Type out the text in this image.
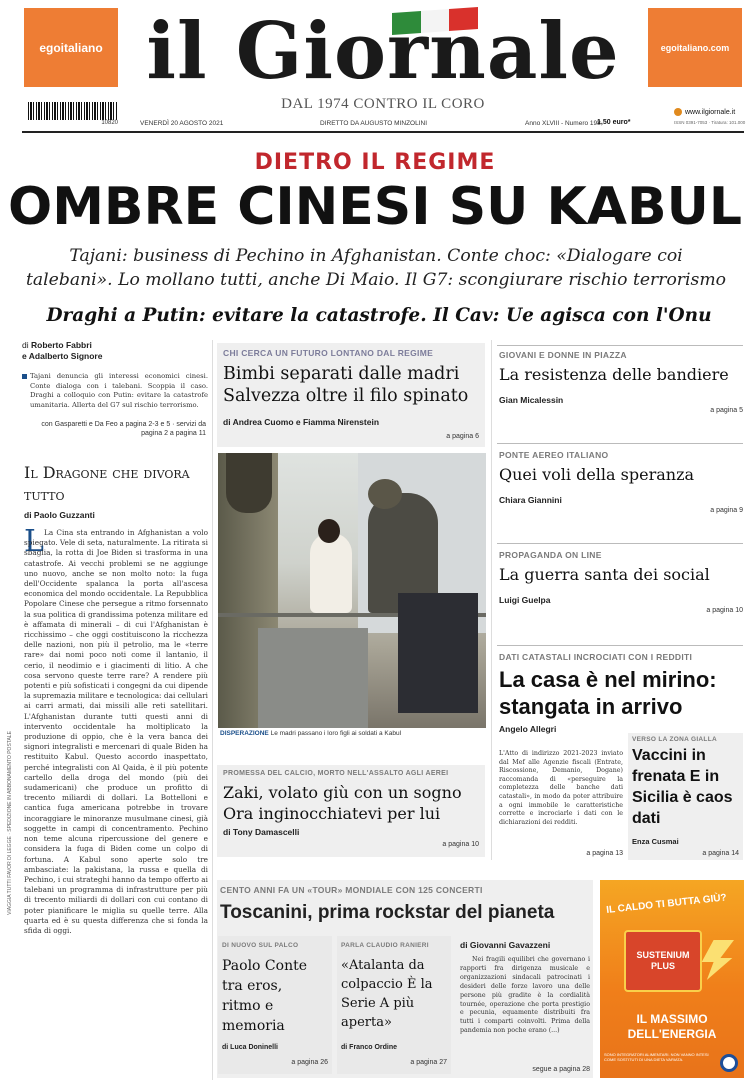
egoitaliano	egoitaliano.com
il Giornale
DAL 1974 CONTRO IL CORO
10820	VENERDÌ 20 AGOSTO 2021	DIRETTO DA AUGUSTO MINZOLINI	Anno XLVIII - Numero 198
1,50 euro*
www.ilgiornale.it
ISSN 0391-7053 · Tiratura: 101.000
DIETRO IL REGIME
OMBRE CINESI SU KABUL
Tajani: business di Pechino in Afghanistan. Conte choc: «Dialogare coi talebani». Lo mollano tutti, anche Di Maio. Il G7: scongiurare rischio terrorismo
Draghi a Putin: evitare la catastrofe. Il Cav: Ue agisca con l'Onu
di Roberto Fabbri
e Adalberto Signore
Tajani denuncia gli interessi economici cinesi. Conte dialoga con i talebani. Scoppia il caso. Draghi a colloquio con Putin: evitare la catastrofe umanitaria. Allerta del G7 sul rischio terrorismo.
con Gasparetti e Da Feo a pagina 2-3 e 5 · servizi da pagina 2 a pagina 11
Il Dragone che divora tutto
di Paolo Guzzanti
L La Cina sta entrando in Afghanistan a volo spiegato. Vele di seta, naturalmente. La ritirata si sbaglia, la rotta di Joe Biden si trasforma in una catastrofe. Ai vecchi problemi se ne aggiunge uno nuovo, anche se non molto noto: la fuga dell'Occidente spalanca la porta all'ascesa economica del mondo occidentale. La Repubblica Popolare Cinese che persegue a ritmo forsennato la sua politica di grandissima potenza militare ed è affamata di minerali – di cui l'Afghanistan è ricchissimo – che oggi costituiscono la ricchezza delle nazioni, non più il petrolio, ma le «terre rare» dai nomi poco noti come il lantanio, il cerio, il neodimio e i giacimenti di litio. A che cosa servono queste terre rare? A rendere più potenti e più sofisticati i congegni da cui dipende la supremazia militare e tecnologica: dai cellulari ai carri armati, dai missili alle reti satellitari. L'Afghanistan durante tutti questi anni di intervento occidentale ha moltiplicato la produzione di oppio, che è la vera banca dei signori integralisti e mercenari di quale Biden ha restituito Kabul. Questo accordo inaspettato, perché integralisti con Al Qaida, è il più potente cartello della droga del mondo (più dei sudamericani) che produce un profitto di trecento miliardi di dollari. La Bottelloni e cantica fuga americana potrebbe in trovare incoraggiare le minoranze musulmane cinesi, già soggette in campi di concentramento. Pechino non teme alcuna ripercussione del genere e considera la fuga di Biden come un colpo di fortuna. A Kabul sono aperte solo tre ambasciate: la pakistana, la russa e quella di Pechino, i cui strateghi hanno da tempo offerto ai talebani un programma di infrastrutture per più di trecento miliardi di dollari con cui contano di poter pianificare le miglia su quelle terre. Alla quarta ed è su questa differenza che si fonda la sfida di oggi.
CHI CERCA UN FUTURO LONTANO DAL REGIME
Bimbi separati dalle madri Salvezza oltre il filo spinato
di Andrea Cuomo e Fiamma Nirenstein
a pagina 6
DISPERAZIONE Le madri passano i loro figli ai soldati a Kabul
PROMESSA DEL CALCIO, MORTO NELL'ASSALTO AGLI AEREI
Zaki, volato giù con un sogno Ora inginocchiatevi per lui
di Tony Damascelli
a pagina 10
GIOVANI E DONNE IN PIAZZA
La resistenza delle bandiere
Gian Micalessin
a pagina 5
PONTE AEREO ITALIANO
Quei voli della speranza
Chiara Giannini
a pagina 9
PROPAGANDA ON LINE
La guerra santa dei social
Luigi Guelpa
a pagina 10
DATI CATASTALI INCROCIATI CON I REDDITI
La casa è nel mirino: stangata in arrivo
Angelo Allegri
L'Atto di indirizzo 2021-2023 inviato dal Mef alle Agenzie fiscali (Entrate, Riscossione, Demanio, Dogane) raccomanda di «perseguire la completezza delle banche dati catastali», in modo da poter attribuire a ogni immobile le caratteristiche corrette e incrociarle i dati con le dichiarazioni dei redditi.
a pagina 13
VERSO LA ZONA GIALLA
Vaccini in frenata E in Sicilia è caos dati
Enza Cusmai
a pagina 14
CENTO ANNI FA UN «TOUR» MONDIALE CON 125 CONCERTI
Toscanini, prima rockstar del pianeta
DI NUOVO SUL PALCO
Paolo Conte tra eros, ritmo e memoria
di Luca Doninelli
a pagina 26
PARLA CLAUDIO RANIERI
«Atalanta da colpaccio È la Serie A più aperta»
di Franco Ordine
a pagina 27
di Giovanni Gavazzeni
Nei fragili equilibri che governano i rapporti fra dirigenza musicale e organizzazioni sindacali patrocinati i desideri delle forze lavoro una delle persone più gradite è la cordialità tournée, operazione che porta prestigio e pecunia, equamente distribuiti fra tutti i comparti coinvolti. Prima della pandemia non poche erano (...)
segue a pagina 28
IL CALDO TI BUTTA GIÙ?
SUSTENIUM PLUS
IL MASSIMO DELL'ENERGIA
SONO INTEGRATORI ALIMENTARI. NON VANNO INTESI COME SOSTITUTI DI UNA DIETA VARIATA.
VIAGGIA TUTTI FAVOR DI LEGGE · SPEDIZIONE IN ABBONAMENTO POSTALE
